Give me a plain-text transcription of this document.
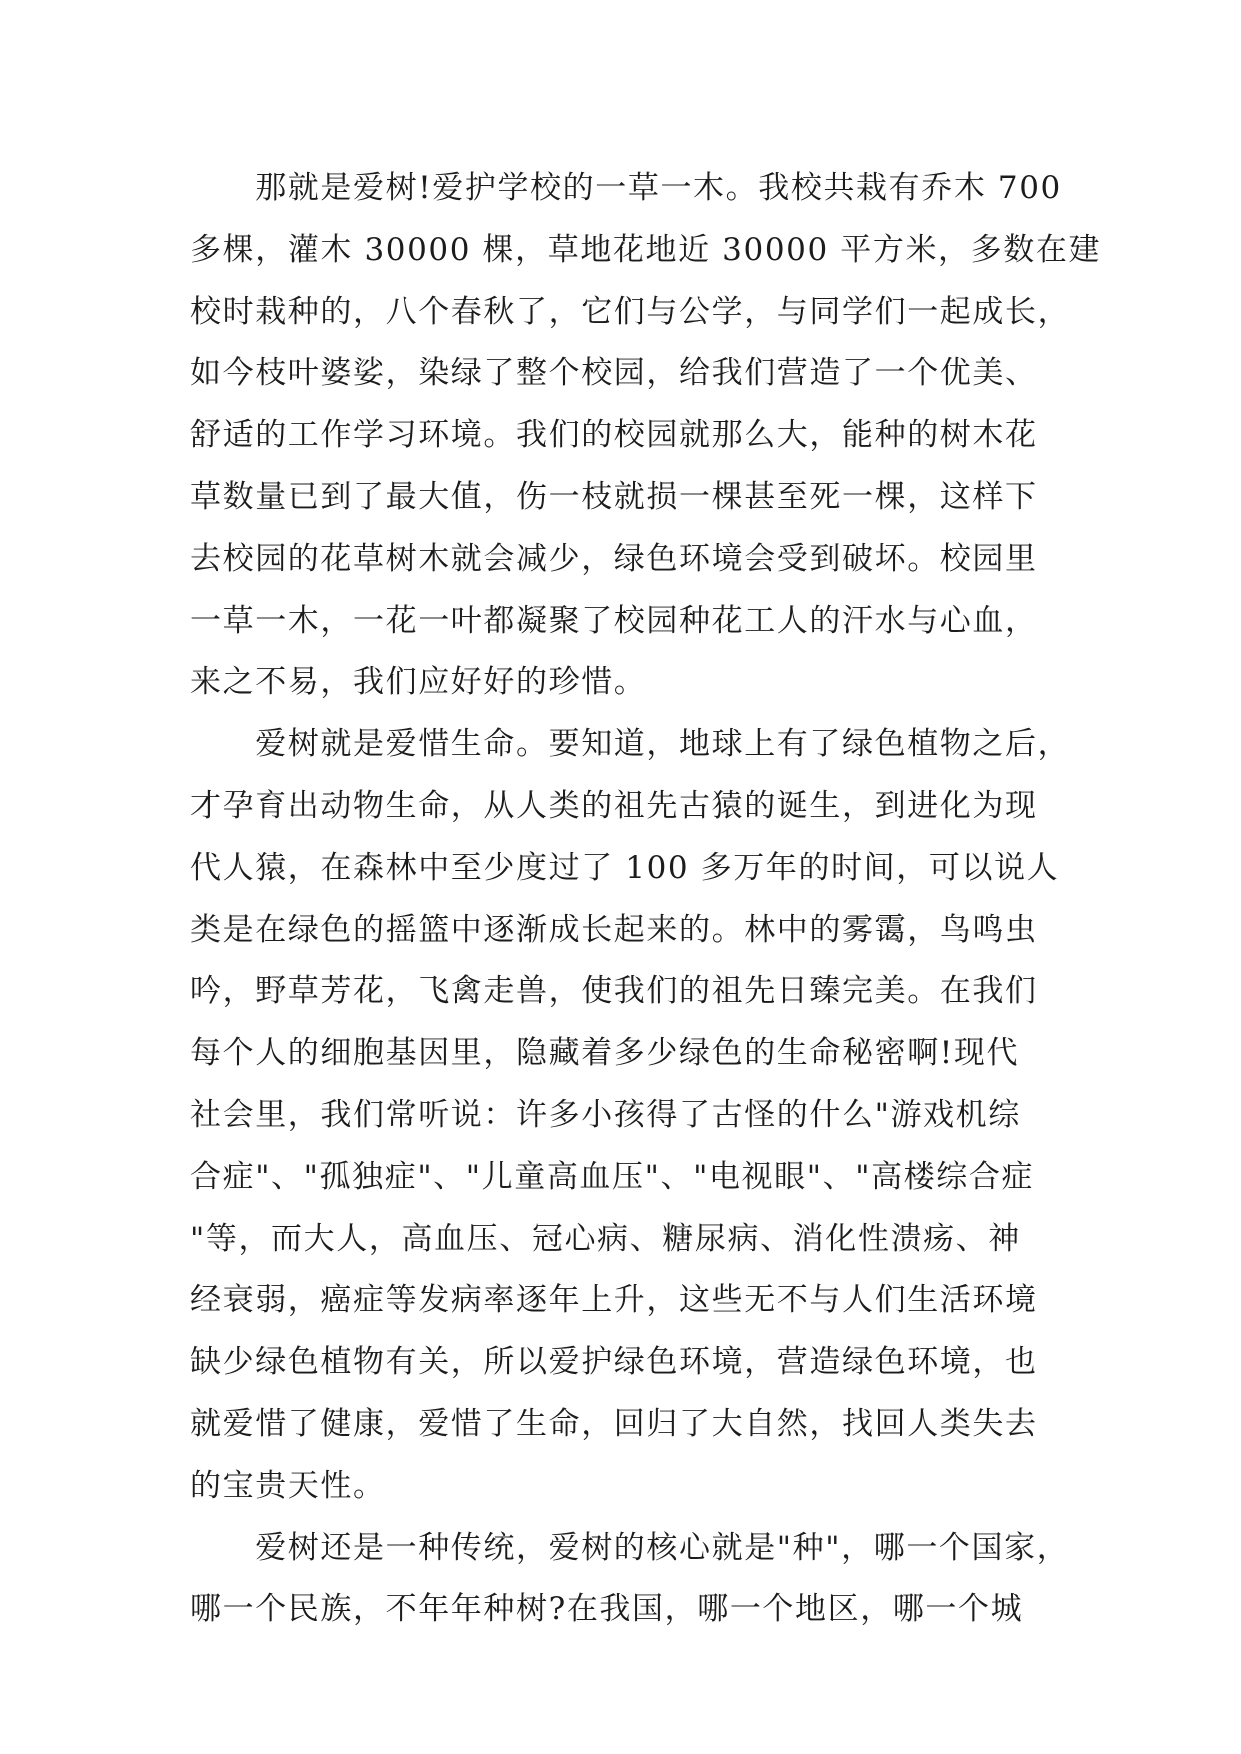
　　那就是爱树!爱护学校的一草一木。我校共栽有乔木 700
多棵，灌木 30000 棵，草地花地近 30000 平方米，多数在建
校时栽种的，八个春秋了，它们与公学，与同学们一起成长，
如今枝叶婆娑，染绿了整个校园，给我们营造了一个优美、
舒适的工作学习环境。我们的校园就那么大，能种的树木花
草数量已到了最大值，伤一枝就损一棵甚至死一棵，这样下
去校园的花草树木就会减少，绿色环境会受到破坏。校园里
一草一木，一花一叶都凝聚了校园种花工人的汗水与心血，
来之不易，我们应好好的珍惜。

　　爱树就是爱惜生命。要知道，地球上有了绿色植物之后，
才孕育出动物生命，从人类的祖先古猿的诞生，到进化为现
代人猿，在森林中至少度过了 100 多万年的时间，可以说人
类是在绿色的摇篮中逐渐成长起来的。林中的雾霭，鸟鸣虫
吟，野草芳花，飞禽走兽，使我们的祖先日臻完美。在我们
每个人的细胞基因里，隐藏着多少绿色的生命秘密啊!现代
社会里，我们常听说：许多小孩得了古怪的什么"游戏机综
合症"、"孤独症"、"儿童高血压"、"电视眼"、"高楼综合症
"等，而大人，高血压、冠心病、糖尿病、消化性溃疡、神
经衰弱，癌症等发病率逐年上升，这些无不与人们生活环境
缺少绿色植物有关，所以爱护绿色环境，营造绿色环境，也
就爱惜了健康，爱惜了生命，回归了大自然，找回人类失去
的宝贵天性。

　　爱树还是一种传统，爱树的核心就是"种"，哪一个国家，
哪一个民族，不年年种树?在我国，哪一个地区，哪一个城
